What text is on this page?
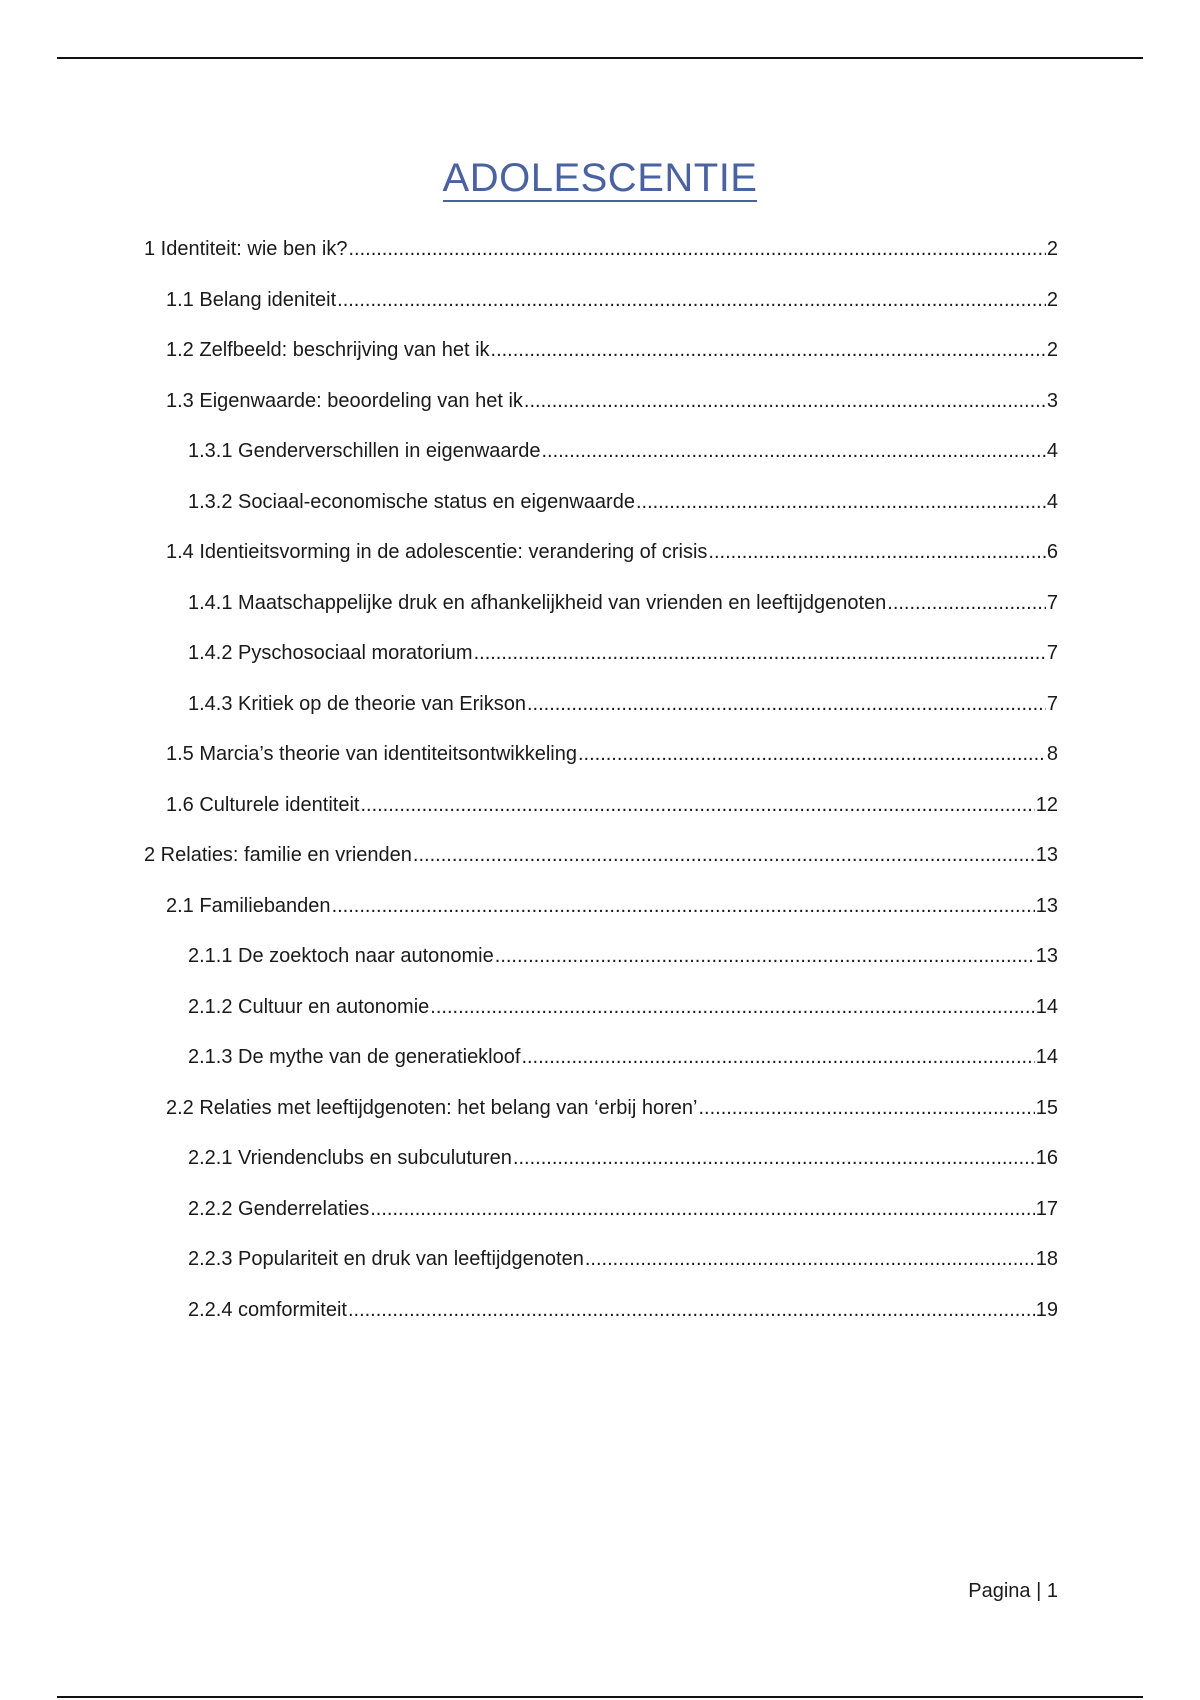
ADOLESCENTIE
1 Identiteit: wie ben ik? .....	2
1.1 Belang ideniteit .....	2
1.2 Zelfbeeld: beschrijving van het ik .....	2
1.3 Eigenwaarde: beoordeling van het ik .....	3
1.3.1 Genderverschillen in eigenwaarde .....	4
1.3.2 Sociaal-economische status en eigenwaarde .....	4
1.4 Identieitsvorming in de adolescentie: verandering of crisis .....	6
1.4.1 Maatschappelijke druk en afhankelijkheid van vrienden en leeftijdgenoten .....	7
1.4.2 Pyschosociaal moratorium .....	7
1.4.3 Kritiek op de theorie van Erikson .....	7
1.5 Marcia’s theorie van identiteitsontwikkeling .....	8
1.6 Culturele identiteit .....	12
2 Relaties: familie en vrienden .....	13
2.1 Familiebanden .....	13
2.1.1 De zoektoch naar autonomie .....	13
2.1.2 Cultuur en autonomie .....	14
2.1.3 De mythe van de generatiekloof .....	14
2.2 Relaties met leeftijdgenoten: het belang van ‘erbij horen’ .....	15
2.2.1 Vriendenclubs en subculuturen .....	16
2.2.2 Genderrelaties .....	17
2.2.3 Populariteit en druk van leeftijdgenoten .....	18
2.2.4 comformiteit .....	19
Pagina | 1
